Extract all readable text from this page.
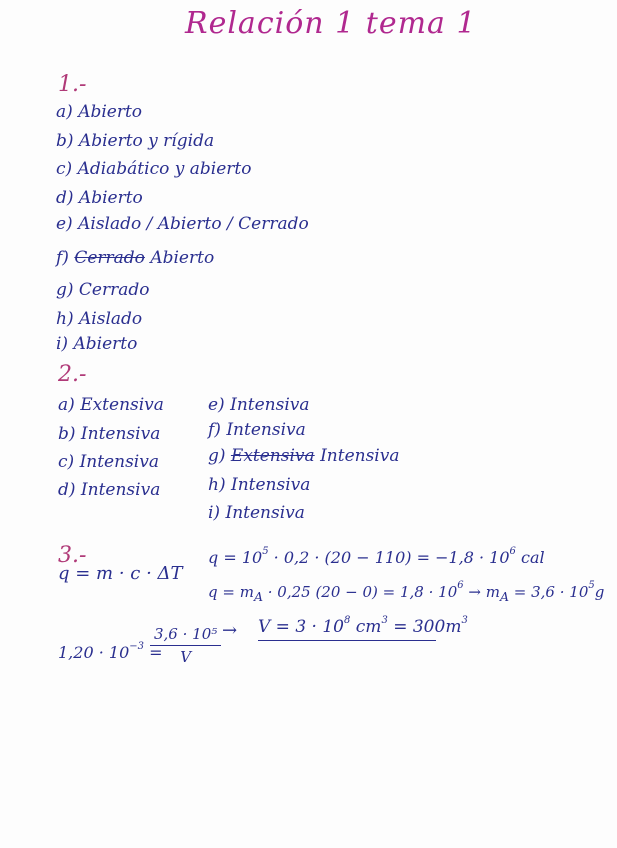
Relación 1 tema 1
1.-
a) Abierto
b) Abierto y rígida
c) Adiabático y abierto
d) Abierto
e) Aislado / Abierto / Cerrado
f) Cerrado Abierto
g) Cerrado
h) Aislado
i) Abierto
2.-
a) Extensiva
b) Intensiva
c) Intensiva
d) Intensiva
e) Intensiva
f) Intensiva
g) Extensiva Intensiva
h) Intensiva
i) Intensiva
3.-
q = m · c · ΔT
$q = 10^5 \cdot 0,2 \cdot (20 - 110) = -1,8 \cdot 10^6$ cal
$q = m_A \cdot 0,25$ $(20 - 0) = 1,8 \cdot 10^6 \to m_A = 3,6 \cdot 10^5g$
$1,20 \cdot 10^{-3}$ =
$\frac{\text{3,6 · 10⁵}}{V} \to V = 3 \cdot 10^8$ $cm^3 = 300m^3$
